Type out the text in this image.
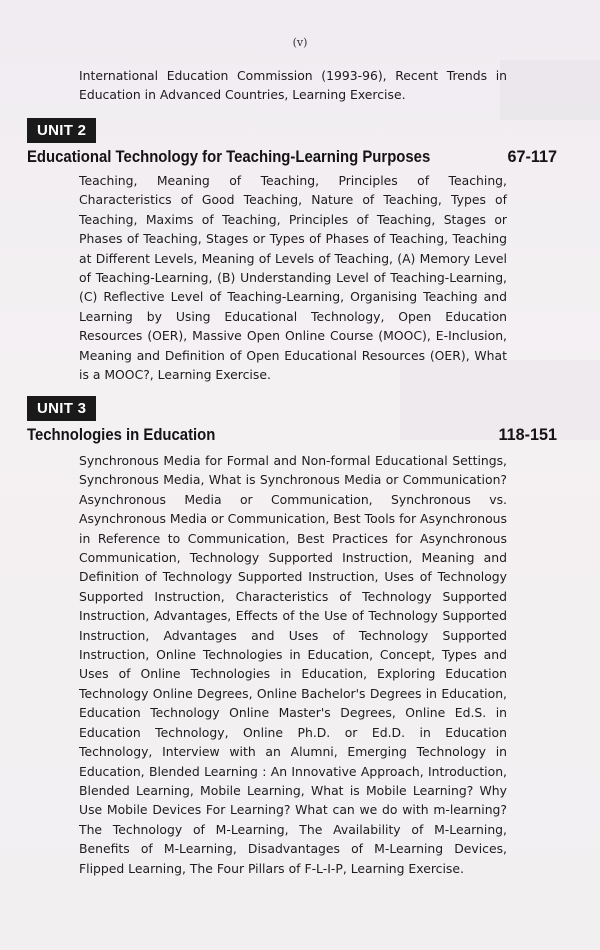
(v)
International Education Commission (1993-96), Recent Trends in Education in Advanced Countries, Learning Exercise.
UNIT 2
Educational Technology for Teaching-Learning Purposes	67-117
Teaching, Meaning of Teaching, Principles of Teaching, Characteristics of Good Teaching, Nature of Teaching, Types of Teaching, Maxims of Teaching, Principles of Teaching, Stages or Phases of Teaching, Stages or Types of Phases of Teaching, Teaching at Different Levels, Meaning of Levels of Teaching, (A) Memory Level of Teaching-Learning, (B) Understanding Level of Teaching-Learning, (C) Reflective Level of Teaching-Learning, Organising Teaching and Learning by Using Educational Technology, Open Education Resources (OER), Massive Open Online Course (MOOC), E-Inclusion, Meaning and Definition of Open Educational Resources (OER), What is a MOOC?, Learning Exercise.
UNIT 3
Technologies in Education	118-151
Synchronous Media for Formal and Non-formal Educational Settings, Synchronous Media, What is Synchronous Media or Communication? Asynchronous Media or Communication, Synchronous vs. Asynchronous Media or Communication, Best Tools for Asynchronous in Reference to Communication, Best Practices for Asynchronous Communication, Technology Supported Instruction, Meaning and Definition of Technology Supported Instruction, Uses of Technology Supported Instruction, Characteristics of Technology Supported Instruction, Advantages, Effects of the Use of Technology Supported Instruction, Advantages and Uses of Technology Supported Instruction, Online Technologies in Education, Concept, Types and Uses of Online Technologies in Education, Exploring Education Technology Online Degrees, Online Bachelor's Degrees in Education, Education Technology Online Master's Degrees, Online Ed.S. in Education Technology, Online Ph.D. or Ed.D. in Education Technology, Interview with an Alumni, Emerging Technology in Education, Blended Learning : An Innovative Approach, Introduction, Blended Learning, Mobile Learning, What is Mobile Learning? Why Use Mobile Devices For Learning? What can we do with m-learning? The Technology of M-Learning, The Availability of M-Learning, Benefits of M-Learning, Disadvantages of M-Learning Devices, Flipped Learning, The Four Pillars of F-L-I-P, Learning Exercise.
